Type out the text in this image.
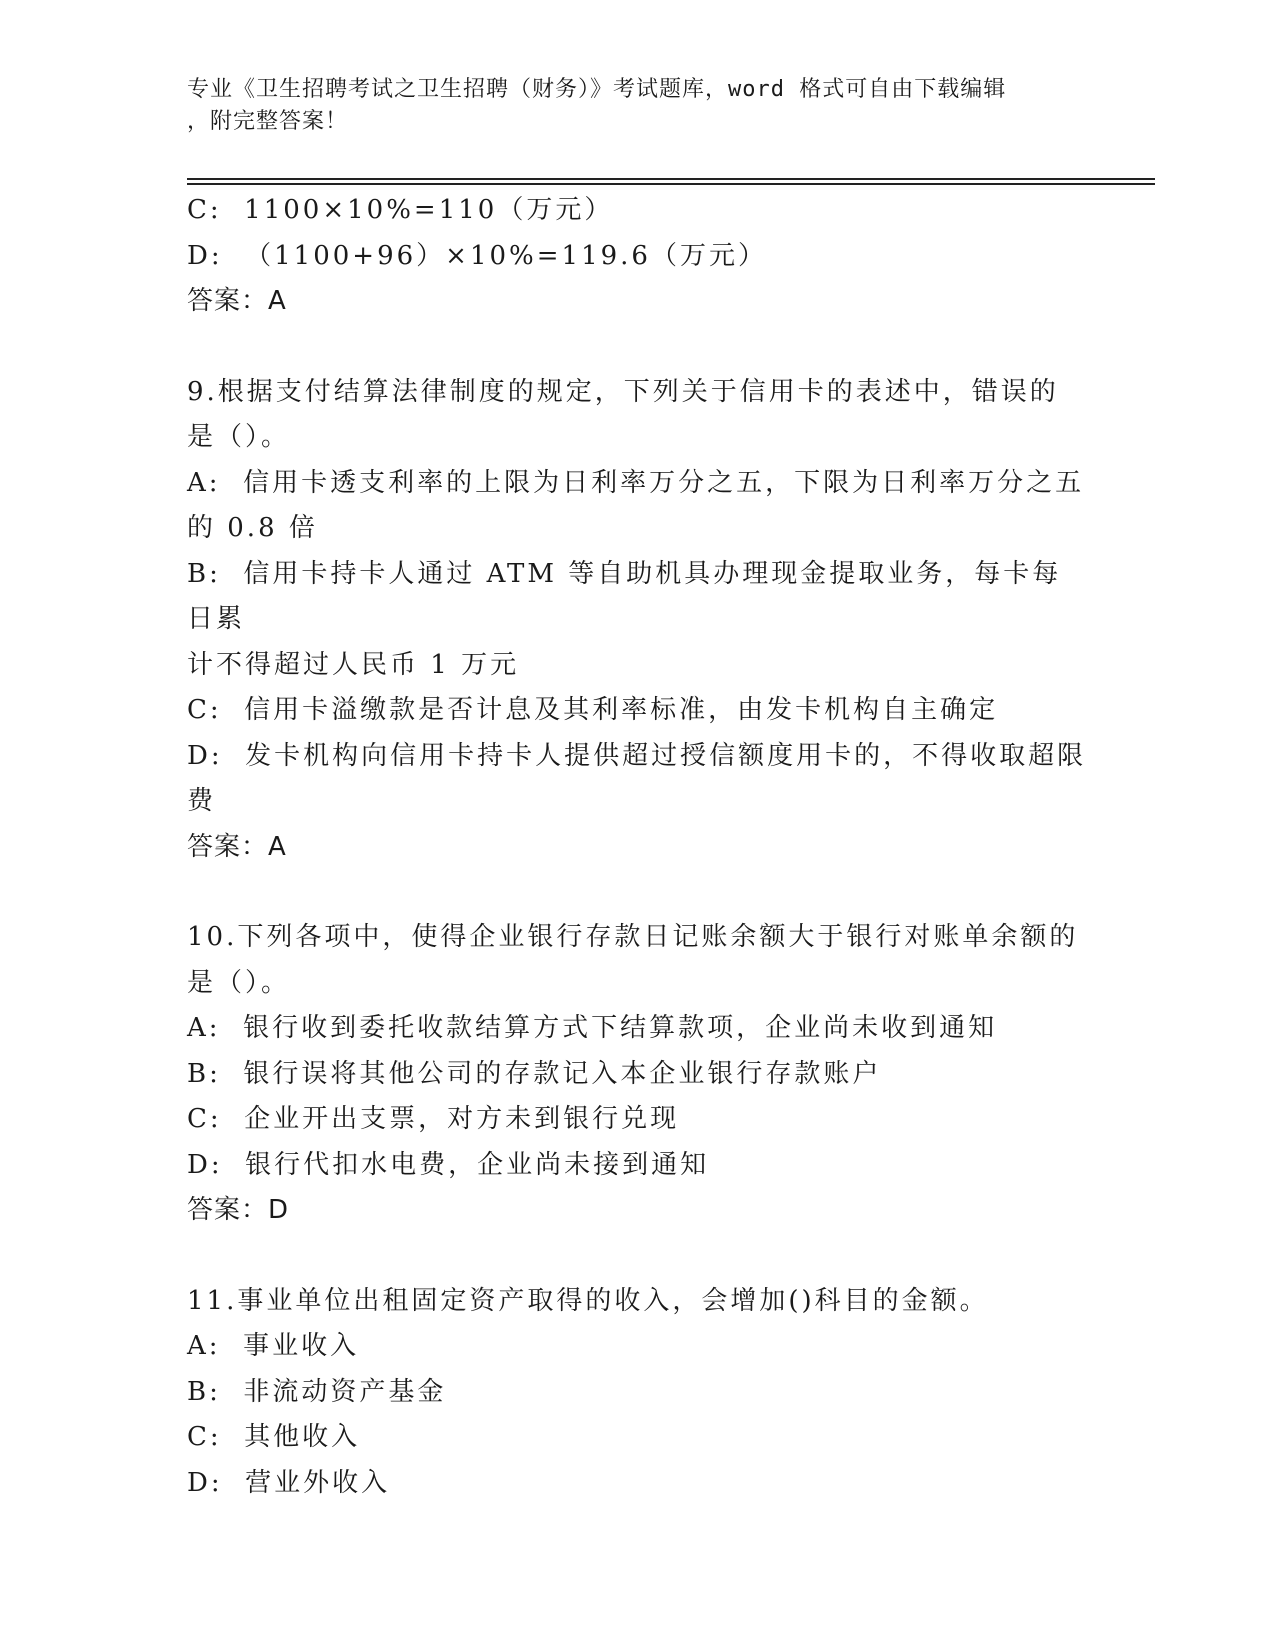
专业《卫生招聘考试之卫生招聘（财务）》考试题库，word 格式可自由下载编辑
，附完整答案！
C:  1100×10%=110（万元）
D:  （1100+96）×10%=119.6（万元）
答案：A
9.根据支付结算法律制度的规定，下列关于信用卡的表述中，错误的
是（）。
A:  信用卡透支利率的上限为日利率万分之五，下限为日利率万分之五
的 0.8 倍
B:  信用卡持卡人通过 ATM 等自助机具办理现金提取业务，每卡每日累
计不得超过人民币 1 万元
C:  信用卡溢缴款是否计息及其利率标准，由发卡机构自主确定
D:  发卡机构向信用卡持卡人提供超过授信额度用卡的，不得收取超限
费
答案：A
10.下列各项中，使得企业银行存款日记账余额大于银行对账单余额的
是（）。
A:  银行收到委托收款结算方式下结算款项，企业尚未收到通知
B:  银行误将其他公司的存款记入本企业银行存款账户
C:  企业开出支票，对方未到银行兑现
D:  银行代扣水电费，企业尚未接到通知
答案：D
11.事业单位出租固定资产取得的收入，会增加()科目的金额。
A:  事业收入
B:  非流动资产基金
C:  其他收入
D:  营业外收入
